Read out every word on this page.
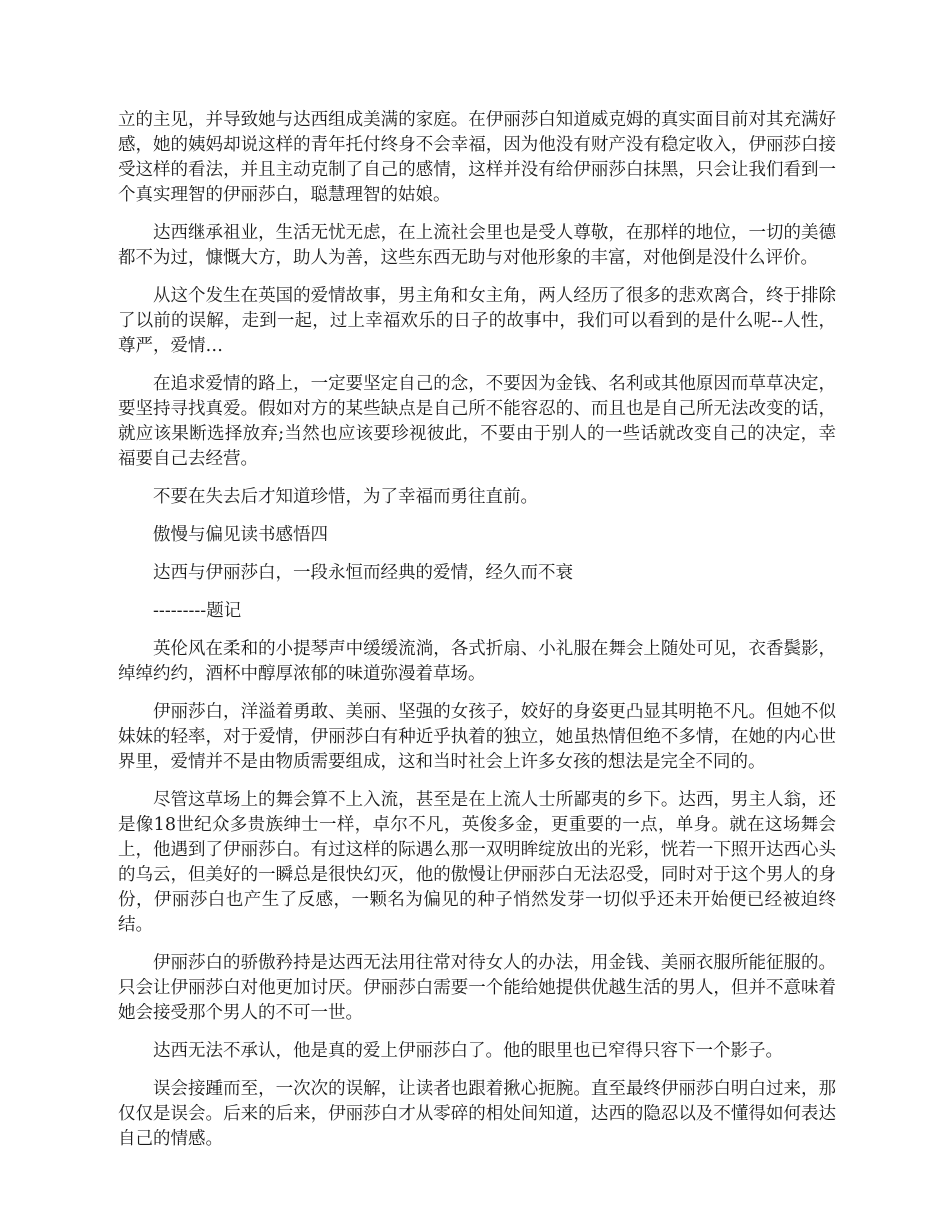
立的主见，并导致她与达西组成美满的家庭。在伊丽莎白知道威克姆的真实面目前对其充满好感，她的姨妈却说这样的青年托付终身不会幸福，因为他没有财产没有稳定收入，伊丽莎白接受这样的看法，并且主动克制了自己的感情，这样并没有给伊丽莎白抹黑，只会让我们看到一个真实理智的伊丽莎白，聪慧理智的姑娘。

达西继承祖业，生活无忧无虑，在上流社会里也是受人尊敬，在那样的地位，一切的美德都不为过，慷慨大方，助人为善，这些东西无助与对他形象的丰富，对他倒是没什么评价。

从这个发生在英国的爱情故事，男主角和女主角，两人经历了很多的悲欢离合，终于排除了以前的误解，走到一起，过上幸福欢乐的日子的故事中，我们可以看到的是什么呢--人性，尊严，爱情…

在追求爱情的路上，一定要坚定自己的念，不要因为金钱、名利或其他原因而草草决定，要坚持寻找真爱。假如对方的某些缺点是自己所不能容忍的、而且也是自己所无法改变的话，就应该果断选择放弃;当然也应该要珍视彼此，不要由于别人的一些话就改变自己的决定，幸福要自己去经营。

不要在失去后才知道珍惜，为了幸福而勇往直前。

傲慢与偏见读书感悟四

达西与伊丽莎白，一段永恒而经典的爱情，经久而不衰

---------题记

英伦风在柔和的小提琴声中缓缓流淌，各式折扇、小礼服在舞会上随处可见，衣香鬓影，绰绰约约，酒杯中醇厚浓郁的味道弥漫着草场。

伊丽莎白，洋溢着勇敢、美丽、坚强的女孩子，姣好的身姿更凸显其明艳不凡。但她不似妹妹的轻率，对于爱情，伊丽莎白有种近乎执着的独立，她虽热情但绝不多情，在她的内心世界里，爱情并不是由物质需要组成，这和当时社会上许多女孩的想法是完全不同的。

尽管这草场上的舞会算不上入流，甚至是在上流人士所鄙夷的乡下。达西，男主人翁，还是像18世纪众多贵族绅士一样，卓尔不凡，英俊多金，更重要的一点，单身。就在这场舞会上，他遇到了伊丽莎白。有过这样的际遇么那一双明眸绽放出的光彩，恍若一下照开达西心头的乌云，但美好的一瞬总是很快幻灭，他的傲慢让伊丽莎白无法忍受，同时对于这个男人的身份，伊丽莎白也产生了反感，一颗名为偏见的种子悄然发芽一切似乎还未开始便已经被迫终结。

伊丽莎白的骄傲矜持是达西无法用往常对待女人的办法，用金钱、美丽衣服所能征服的。只会让伊丽莎白对他更加讨厌。伊丽莎白需要一个能给她提供优越生活的男人，但并不意味着她会接受那个男人的不可一世。

达西无法不承认，他是真的爱上伊丽莎白了。他的眼里也已窄得只容下一个影子。

误会接踵而至，一次次的误解，让读者也跟着揪心扼腕。直至最终伊丽莎白明白过来，那仅仅是误会。后来的后来，伊丽莎白才从零碎的相处间知道，达西的隐忍以及不懂得如何表达自己的情感。
